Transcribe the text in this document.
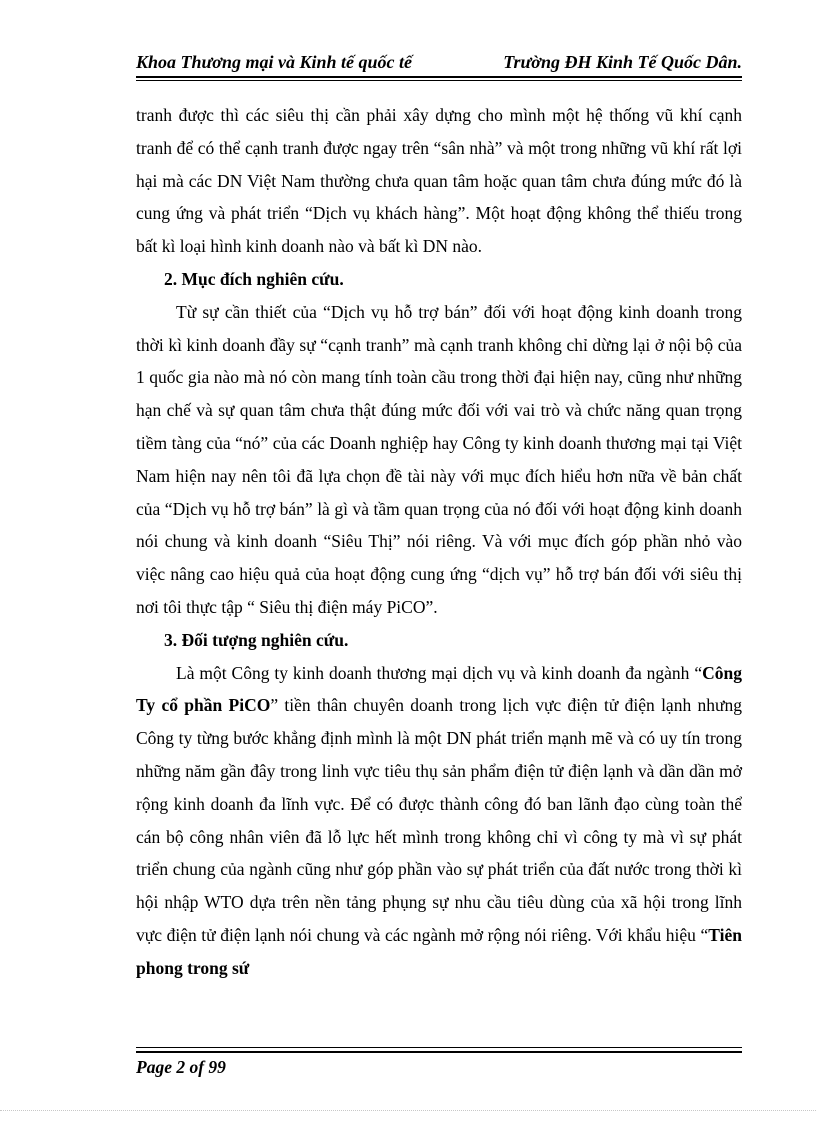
Khoa Thương mại và Kinh tế quốc tế	Trường ĐH Kinh Tế Quốc Dân.

tranh được thì các siêu thị cần phải xây dựng cho mình một hệ thống vũ khí cạnh tranh để có thể cạnh tranh được ngay trên “sân nhà” và một trong những vũ khí rất lợi hại mà các DN Việt Nam thường chưa quan tâm hoặc quan tâm chưa đúng mức đó là cung ứng và phát triển “Dịch vụ khách hàng”. Một hoạt động không thể thiếu trong bất kì loại hình kinh doanh nào và bất kì DN nào.

2. Mục đích nghiên cứu.

Từ sự cần thiết của “Dịch vụ hỗ trợ bán” đối với hoạt động kinh doanh trong thời kì kinh doanh đầy sự “cạnh tranh” mà cạnh tranh không chỉ dừng lại ở nội bộ của 1 quốc gia nào mà nó còn mang tính toàn cầu trong thời đại hiện nay, cũng như những hạn chế và sự quan tâm chưa thật đúng mức đối với vai trò và chức năng quan trọng tiềm tàng của “nó” của các Doanh nghiệp hay Công ty kinh doanh thương mại tại Việt Nam hiện nay nên tôi đã lựa chọn đề tài này với mục đích hiểu hơn nữa về bản chất của “Dịch vụ hỗ trợ bán” là gì và tầm quan trọng của nó đối với hoạt động kinh doanh nói chung và kinh doanh “Siêu Thị” nói riêng. Và với mục đích góp phần nhỏ vào việc nâng cao hiệu quả của hoạt động cung ứng “dịch vụ” hỗ trợ bán đối với siêu thị nơi tôi thực tập “ Siêu thị điện máy PiCO”.

3. Đối tượng nghiên cứu.

Là một Công ty kinh doanh thương mại dịch vụ và kinh doanh đa ngành “Công Ty cổ phần PiCO” tiền thân chuyên doanh trong lịch vực điện tử điện lạnh nhưng Công ty từng bước khẳng định mình là một DN phát triển mạnh mẽ và có uy tín trong những năm gần đây trong linh vực tiêu thụ sản phẩm điện tử điện lạnh và dần dần mở rộng kinh doanh đa lĩnh vực. Để có được thành công đó ban lãnh đạo cùng toàn thể cán bộ công nhân viên đã lỗ lực hết mình trong không chỉ vì công ty mà vì sự phát triển chung của ngành cũng như góp phần vào sự phát triển của đất nước trong thời kì hội nhập WTO dựa trên nền tảng phụng sự nhu cầu tiêu dùng của xã hội trong lĩnh vực điện tử điện lạnh nói chung và các ngành mở rộng nói riêng. Với khẩu hiệu “Tiên phong trong sứ

Page 2 of 99
